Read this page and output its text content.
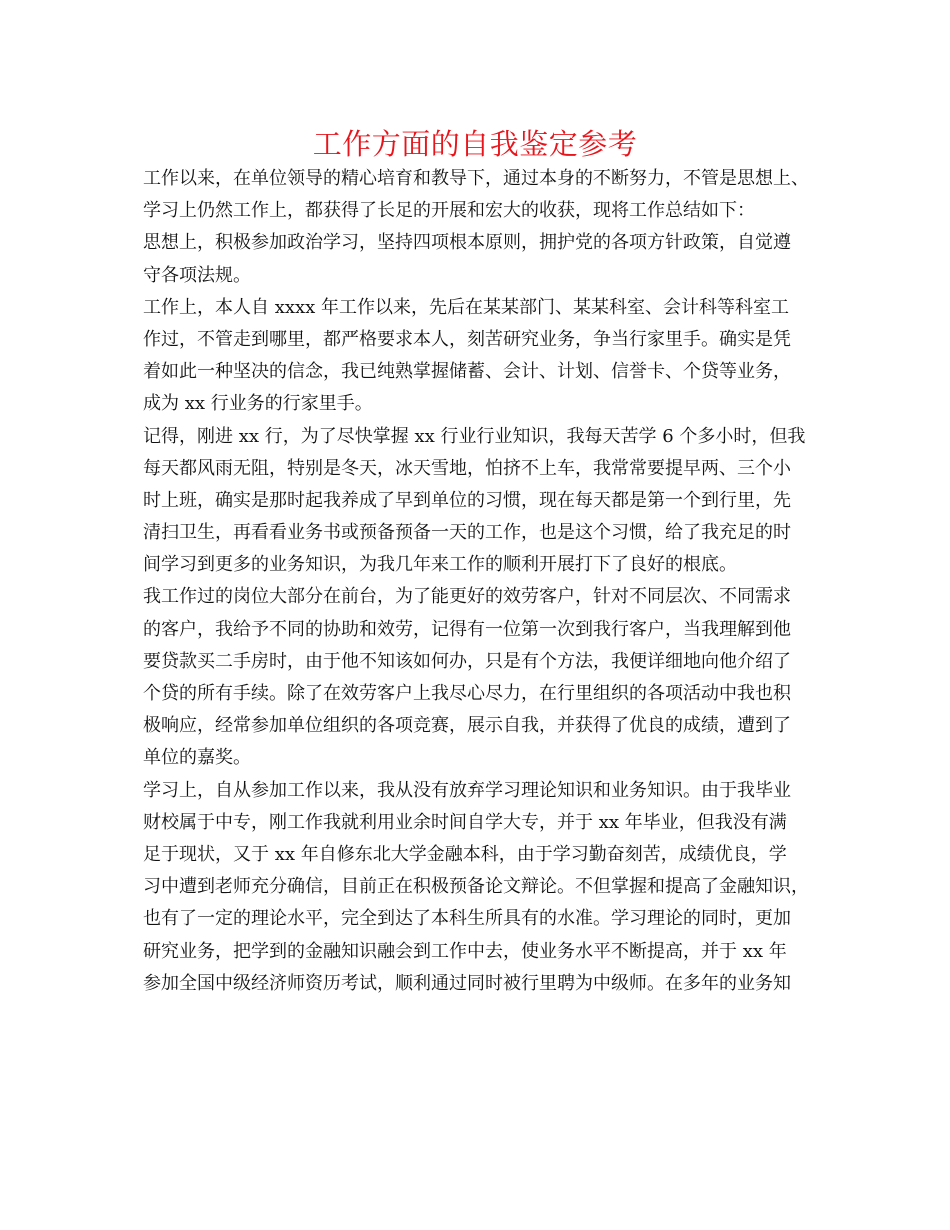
工作方面的自我鉴定参考
工作以来，在单位领导的精心培育和教导下，通过本身的不断努力，不管是思想上、
学习上仍然工作上，都获得了长足的开展和宏大的收获，现将工作总结如下：
思想上，积极参加政治学习，坚持四项根本原则，拥护党的各项方针政策，自觉遵
守各项法规。
工作上，本人自 xxxx 年工作以来，先后在某某部门、某某科室、会计科等科室工
作过，不管走到哪里，都严格要求本人，刻苦研究业务，争当行家里手。确实是凭
着如此一种坚决的信念，我已纯熟掌握储蓄、会计、计划、信誉卡、个贷等业务，
成为 xx 行业务的行家里手。
记得，刚进 xx 行，为了尽快掌握 xx 行业行业知识，我每天苦学 6 个多小时，但我
每天都风雨无阻，特别是冬天，冰天雪地，怕挤不上车，我常常要提早两、三个小
时上班，确实是那时起我养成了早到单位的习惯，现在每天都是第一个到行里，先
清扫卫生，再看看业务书或预备预备一天的工作，也是这个习惯，给了我充足的时
间学习到更多的业务知识，为我几年来工作的顺利开展打下了良好的根底。
我工作过的岗位大部分在前台，为了能更好的效劳客户，针对不同层次、不同需求
的客户，我给予不同的协助和效劳，记得有一位第一次到我行客户，当我理解到他
要贷款买二手房时，由于他不知该如何办，只是有个方法，我便详细地向他介绍了
个贷的所有手续。除了在效劳客户上我尽心尽力，在行里组织的各项活动中我也积
极响应，经常参加单位组织的各项竞赛，展示自我，并获得了优良的成绩，遭到了
单位的嘉奖。
学习上，自从参加工作以来，我从没有放弃学习理论知识和业务知识。由于我毕业
财校属于中专，刚工作我就利用业余时间自学大专，并于 xx 年毕业，但我没有满
足于现状，又于 xx 年自修东北大学金融本科，由于学习勤奋刻苦，成绩优良，学
习中遭到老师充分确信，目前正在积极预备论文辩论。不但掌握和提高了金融知识，
也有了一定的理论水平，完全到达了本科生所具有的水准。学习理论的同时，更加
研究业务，把学到的金融知识融会到工作中去，使业务水平不断提高，并于 xx 年
参加全国中级经济师资历考试，顺利通过同时被行里聘为中级师。在多年的业务知
